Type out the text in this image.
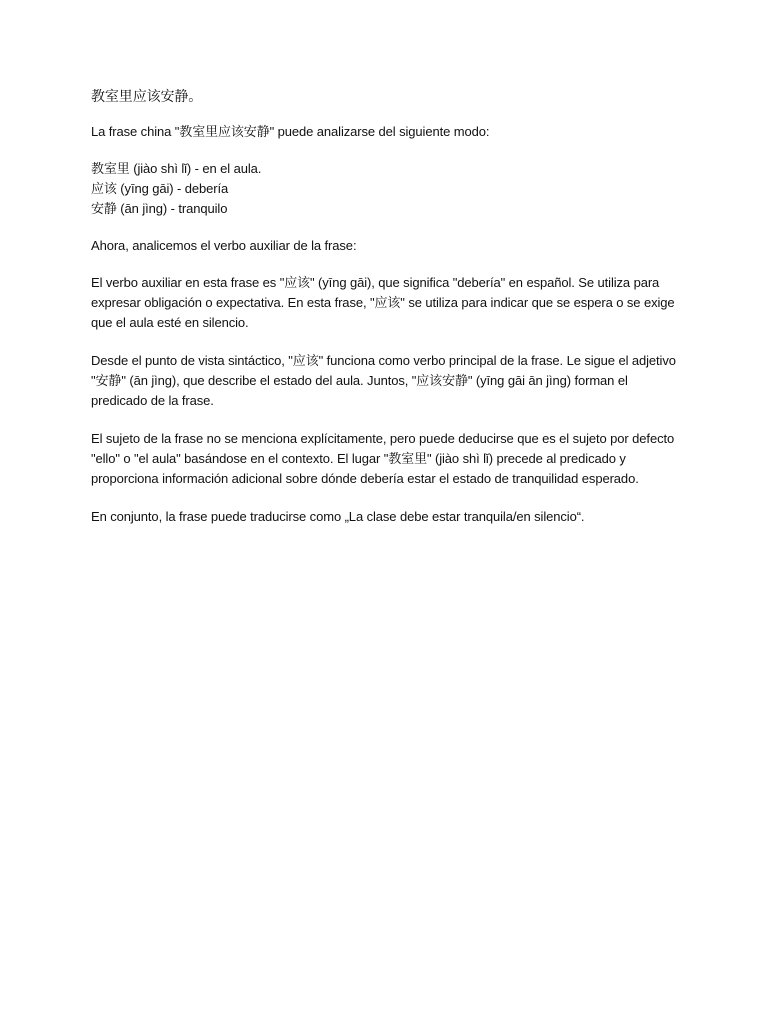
教室里应该安静。

La frase china "教室里应该安静" puede analizarse del siguiente modo:

教室里 (jiào shì lǐ) - en el aula.
应该 (yīng gāi) - debería
安静 (ān jìng) - tranquilo

Ahora, analicemos el verbo auxiliar de la frase:

El verbo auxiliar en esta frase es "应该" (yīng gāi), que significa "debería" en español. Se utiliza para expresar obligación o expectativa. En esta frase, "应该" se utiliza para indicar que se espera o se exige que el aula esté en silencio.

Desde el punto de vista sintáctico, "应该" funciona como verbo principal de la frase. Le sigue el adjetivo "安静" (ān jìng), que describe el estado del aula. Juntos, "应该安静" (yīng gāi ān jìng) forman el predicado de la frase.

El sujeto de la frase no se menciona explícitamente, pero puede deducirse que es el sujeto por defecto "ello" o "el aula" basándose en el contexto. El lugar "教室里" (jiào shì lǐ) precede al predicado y proporciona información adicional sobre dónde debería estar el estado de tranquilidad esperado.

En conjunto, la frase puede traducirse como „La clase debe estar tranquila/en silencio“.
